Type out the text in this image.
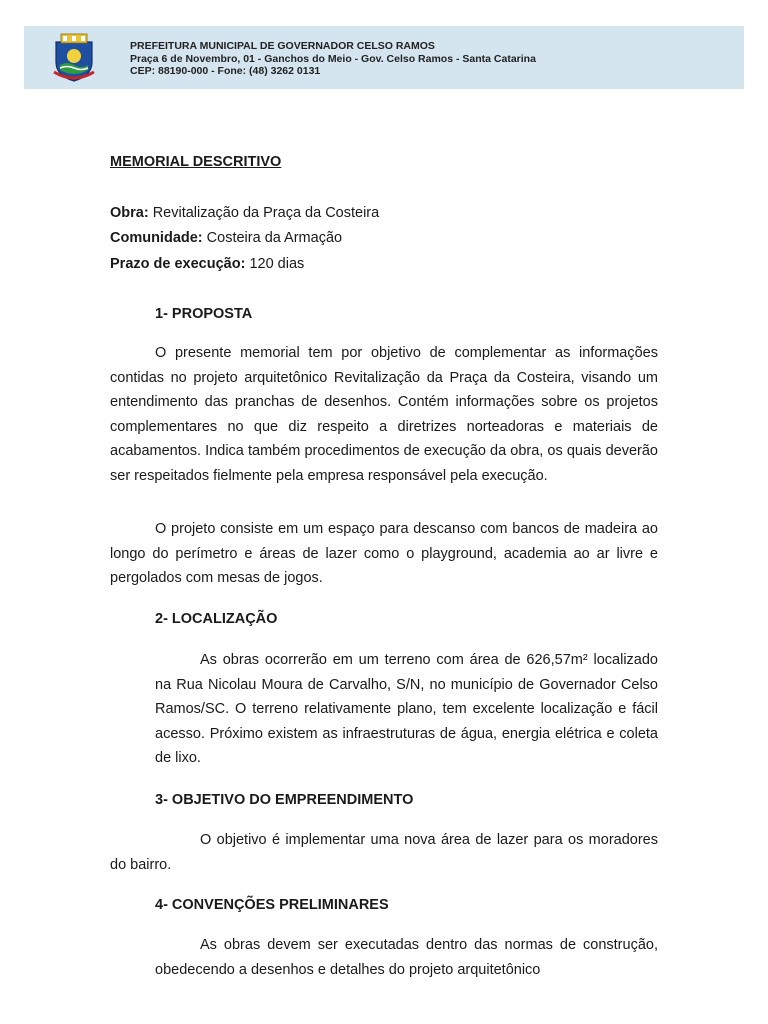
PREFEITURA MUNICIPAL DE GOVERNADOR CELSO RAMOS
Praça 6 de Novembro, 01 - Ganchos do Meio - Gov. Celso Ramos - Santa Catarina
CEP: 88190-000 - Fone: (48) 3262 0131
MEMORIAL DESCRITIVO
Obra: Revitalização da Praça da Costeira
Comunidade: Costeira da Armação
Prazo de execução: 120 dias
1- PROPOSTA
O presente memorial tem por objetivo de complementar as informações contidas no projeto arquitetônico Revitalização da Praça da Costeira, visando um entendimento das pranchas de desenhos. Contém informações sobre os projetos complementares no que diz respeito a diretrizes norteadoras e materiais de acabamentos. Indica também procedimentos de execução da obra, os quais deverão ser respeitados fielmente pela empresa responsável pela execução.
O projeto consiste em um espaço para descanso com bancos de madeira ao longo do perímetro e áreas de lazer como o playground, academia ao ar livre e pergolados com mesas de jogos.
2- LOCALIZAÇÃO
As obras ocorrerão em um terreno com área de 626,57m² localizado na Rua Nicolau Moura de Carvalho, S/N, no município de Governador Celso Ramos/SC. O terreno relativamente plano, tem excelente localização e fácil acesso. Próximo existem as infraestruturas de água, energia elétrica e coleta de lixo.
3- OBJETIVO DO EMPREENDIMENTO
O objetivo é implementar uma nova área de lazer para os moradores do bairro.
4- CONVENÇÕES PRELIMINARES
As obras devem ser executadas dentro das normas de construção, obedecendo a desenhos e detalhes do projeto arquitetônico
